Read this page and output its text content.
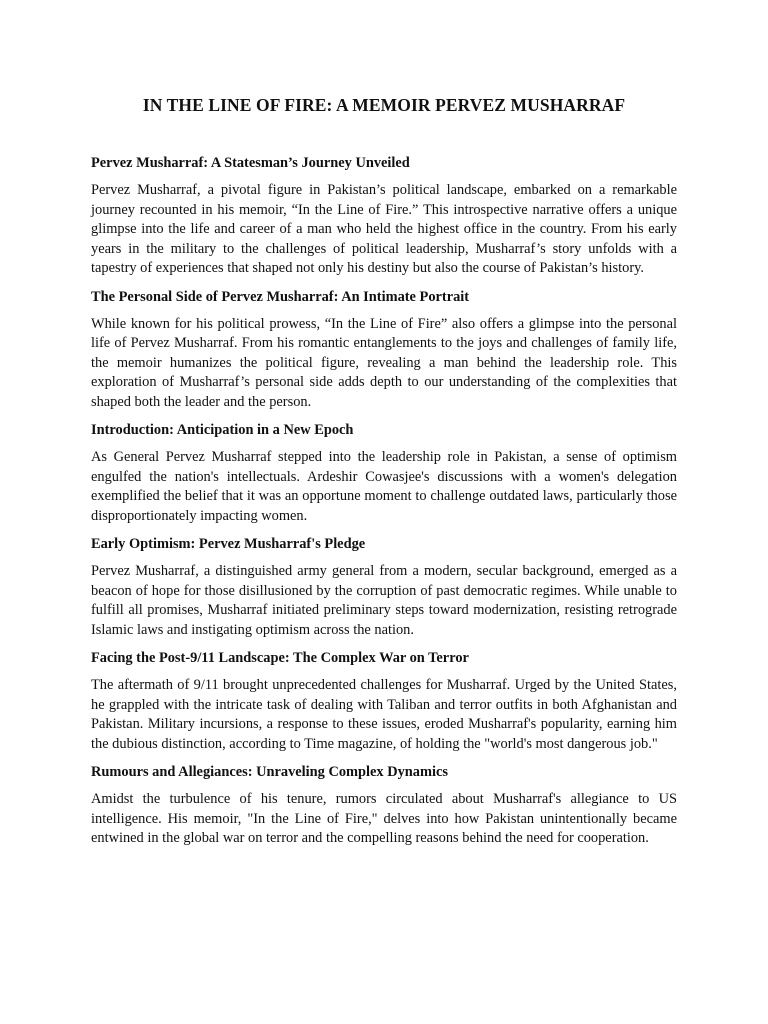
IN THE LINE OF FIRE: A MEMOIR PERVEZ MUSHARRAF

Pervez Musharraf: A Statesman’s Journey Unveiled

Pervez Musharraf, a pivotal figure in Pakistan’s political landscape, embarked on a remarkable journey recounted in his memoir, “In the Line of Fire.” This introspective narrative offers a unique glimpse into the life and career of a man who held the highest office in the country. From his early years in the military to the challenges of political leadership, Musharraf’s story unfolds with a tapestry of experiences that shaped not only his destiny but also the course of Pakistan’s history.

The Personal Side of Pervez Musharraf: An Intimate Portrait

While known for his political prowess, “In the Line of Fire” also offers a glimpse into the personal life of Pervez Musharraf. From his romantic entanglements to the joys and challenges of family life, the memoir humanizes the political figure, revealing a man behind the leadership role. This exploration of Musharraf’s personal side adds depth to our understanding of the complexities that shaped both the leader and the person.

Introduction: Anticipation in a New Epoch

As General Pervez Musharraf stepped into the leadership role in Pakistan, a sense of optimism engulfed the nation's intellectuals. Ardeshir Cowasjee's discussions with a women's delegation exemplified the belief that it was an opportune moment to challenge outdated laws, particularly those disproportionately impacting women.

Early Optimism: Pervez Musharraf's Pledge

Pervez Musharraf, a distinguished army general from a modern, secular background, emerged as a beacon of hope for those disillusioned by the corruption of past democratic regimes. While unable to fulfill all promises, Musharraf initiated preliminary steps toward modernization, resisting retrograde Islamic laws and instigating optimism across the nation.

Facing the Post-9/11 Landscape: The Complex War on Terror

The aftermath of 9/11 brought unprecedented challenges for Musharraf. Urged by the United States, he grappled with the intricate task of dealing with Taliban and terror outfits in both Afghanistan and Pakistan. Military incursions, a response to these issues, eroded Musharraf's popularity, earning him the dubious distinction, according to Time magazine, of holding the "world's most dangerous job."

Rumours and Allegiances: Unraveling Complex Dynamics

Amidst the turbulence of his tenure, rumors circulated about Musharraf's allegiance to US intelligence. His memoir, "In the Line of Fire," delves into how Pakistan unintentionally became entwined in the global war on terror and the compelling reasons behind the need for cooperation.
